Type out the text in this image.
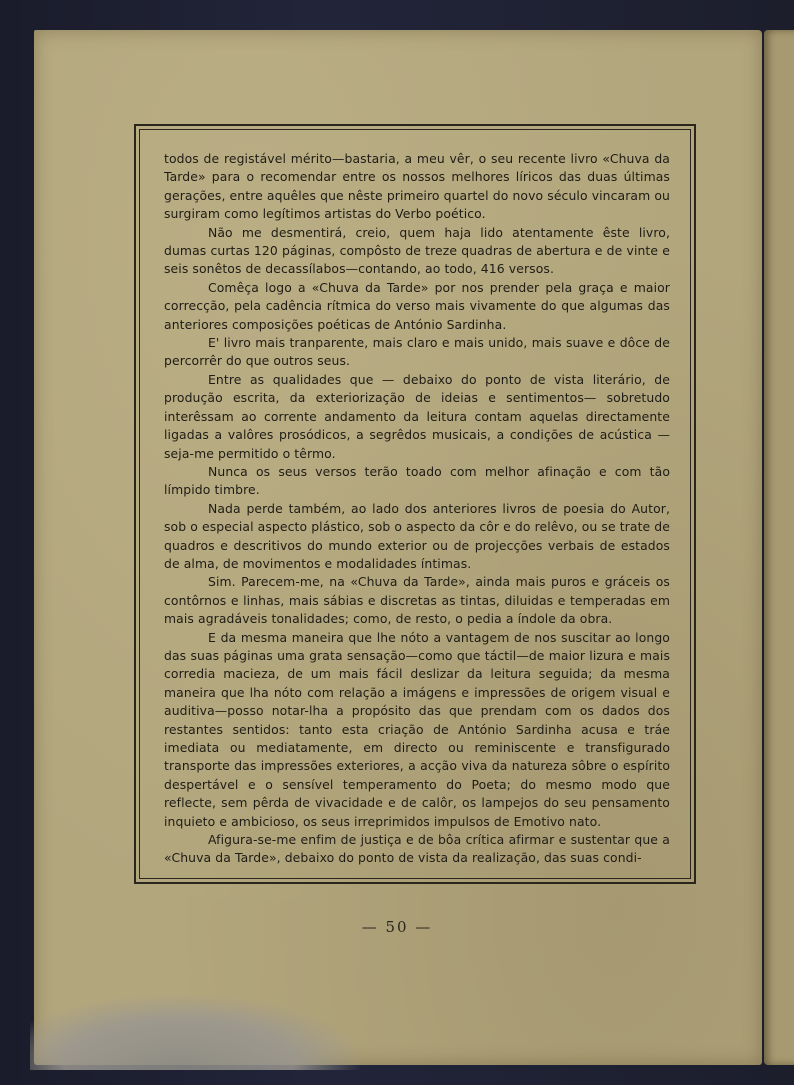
todos de registável mérito—bastaria, a meu vêr, o seu recente livro «Chuva da Tarde» para o recomendar entre os nossos melhores líricos das duas últimas gerações, entre aquêles que nêste primeiro quartel do novo século vincaram ou surgiram como legítimos artistas do Verbo poético.

Não me desmentirá, creio, quem haja lido atentamente êste livro, dumas curtas 120 páginas, compôsto de treze quadras de abertura e de vinte e seis sonêtos de decassílabos—contando, ao todo, 416 versos.

Comêça logo a «Chuva da Tarde» por nos prender pela graça e maior correcção, pela cadência rítmica do verso mais vivamente do que algumas das anteriores composições poéticas de António Sardinha.

E' livro mais tranparente, mais claro e mais unido, mais suave e dôce de percorrêr do que outros seus.

Entre as qualidades que — debaixo do ponto de vista literário, de produção escrita, da exteriorização de ideias e sentimentos— sobretudo interêssam ao corrente andamento da leitura contam aquelas directamente ligadas a valôres prosódicos, a segrêdos musicais, a condições de acústica — seja-me permitido o têrmo.

Nunca os seus versos terão toado com melhor afinação e com tão límpido timbre.

Nada perde também, ao lado dos anteriores livros de poesia do Autor, sob o especial aspecto plástico, sob o aspecto da côr e do relêvo, ou se trate de quadros e descritivos do mundo exterior ou de projecções verbais de estados de alma, de movimentos e modalidades íntimas.

Sim. Parecem-me, na «Chuva da Tarde», ainda mais puros e gráceis os contôrnos e linhas, mais sábias e discretas as tintas, diluidas e temperadas em mais agradáveis tonalidades; como, de resto, o pedia a índole da obra.

E da mesma maneira que lhe nóto a vantagem de nos suscitar ao longo das suas páginas uma grata sensação—como que táctil—de maior lizura e mais corredia macieza, de um mais fácil deslizar da leitura seguida; da mesma maneira que lha nóto com relação a imágens e impressões de origem visual e auditiva—posso notar-lha a propósito das que prendam com os dados dos restantes sentidos: tanto esta criação de António Sardinha acusa e tráe imediata ou mediatamente, em directo ou reminiscente e transfigurado transporte das impressões exteriores, a acção viva da natureza sôbre o espírito despertável e o sensível temperamento do Poeta; do mesmo modo que reflecte, sem pêrda de vivacidade e de calôr, os lampejos do seu pensamento inquieto e ambicioso, os seus irreprimidos impulsos de Emotivo nato.

Afigura-se-me enfim de justiça e de bôa crítica afirmar e sustentar que a «Chuva da Tarde», debaixo do ponto de vista da realização, das suas condi-

— 50 —
